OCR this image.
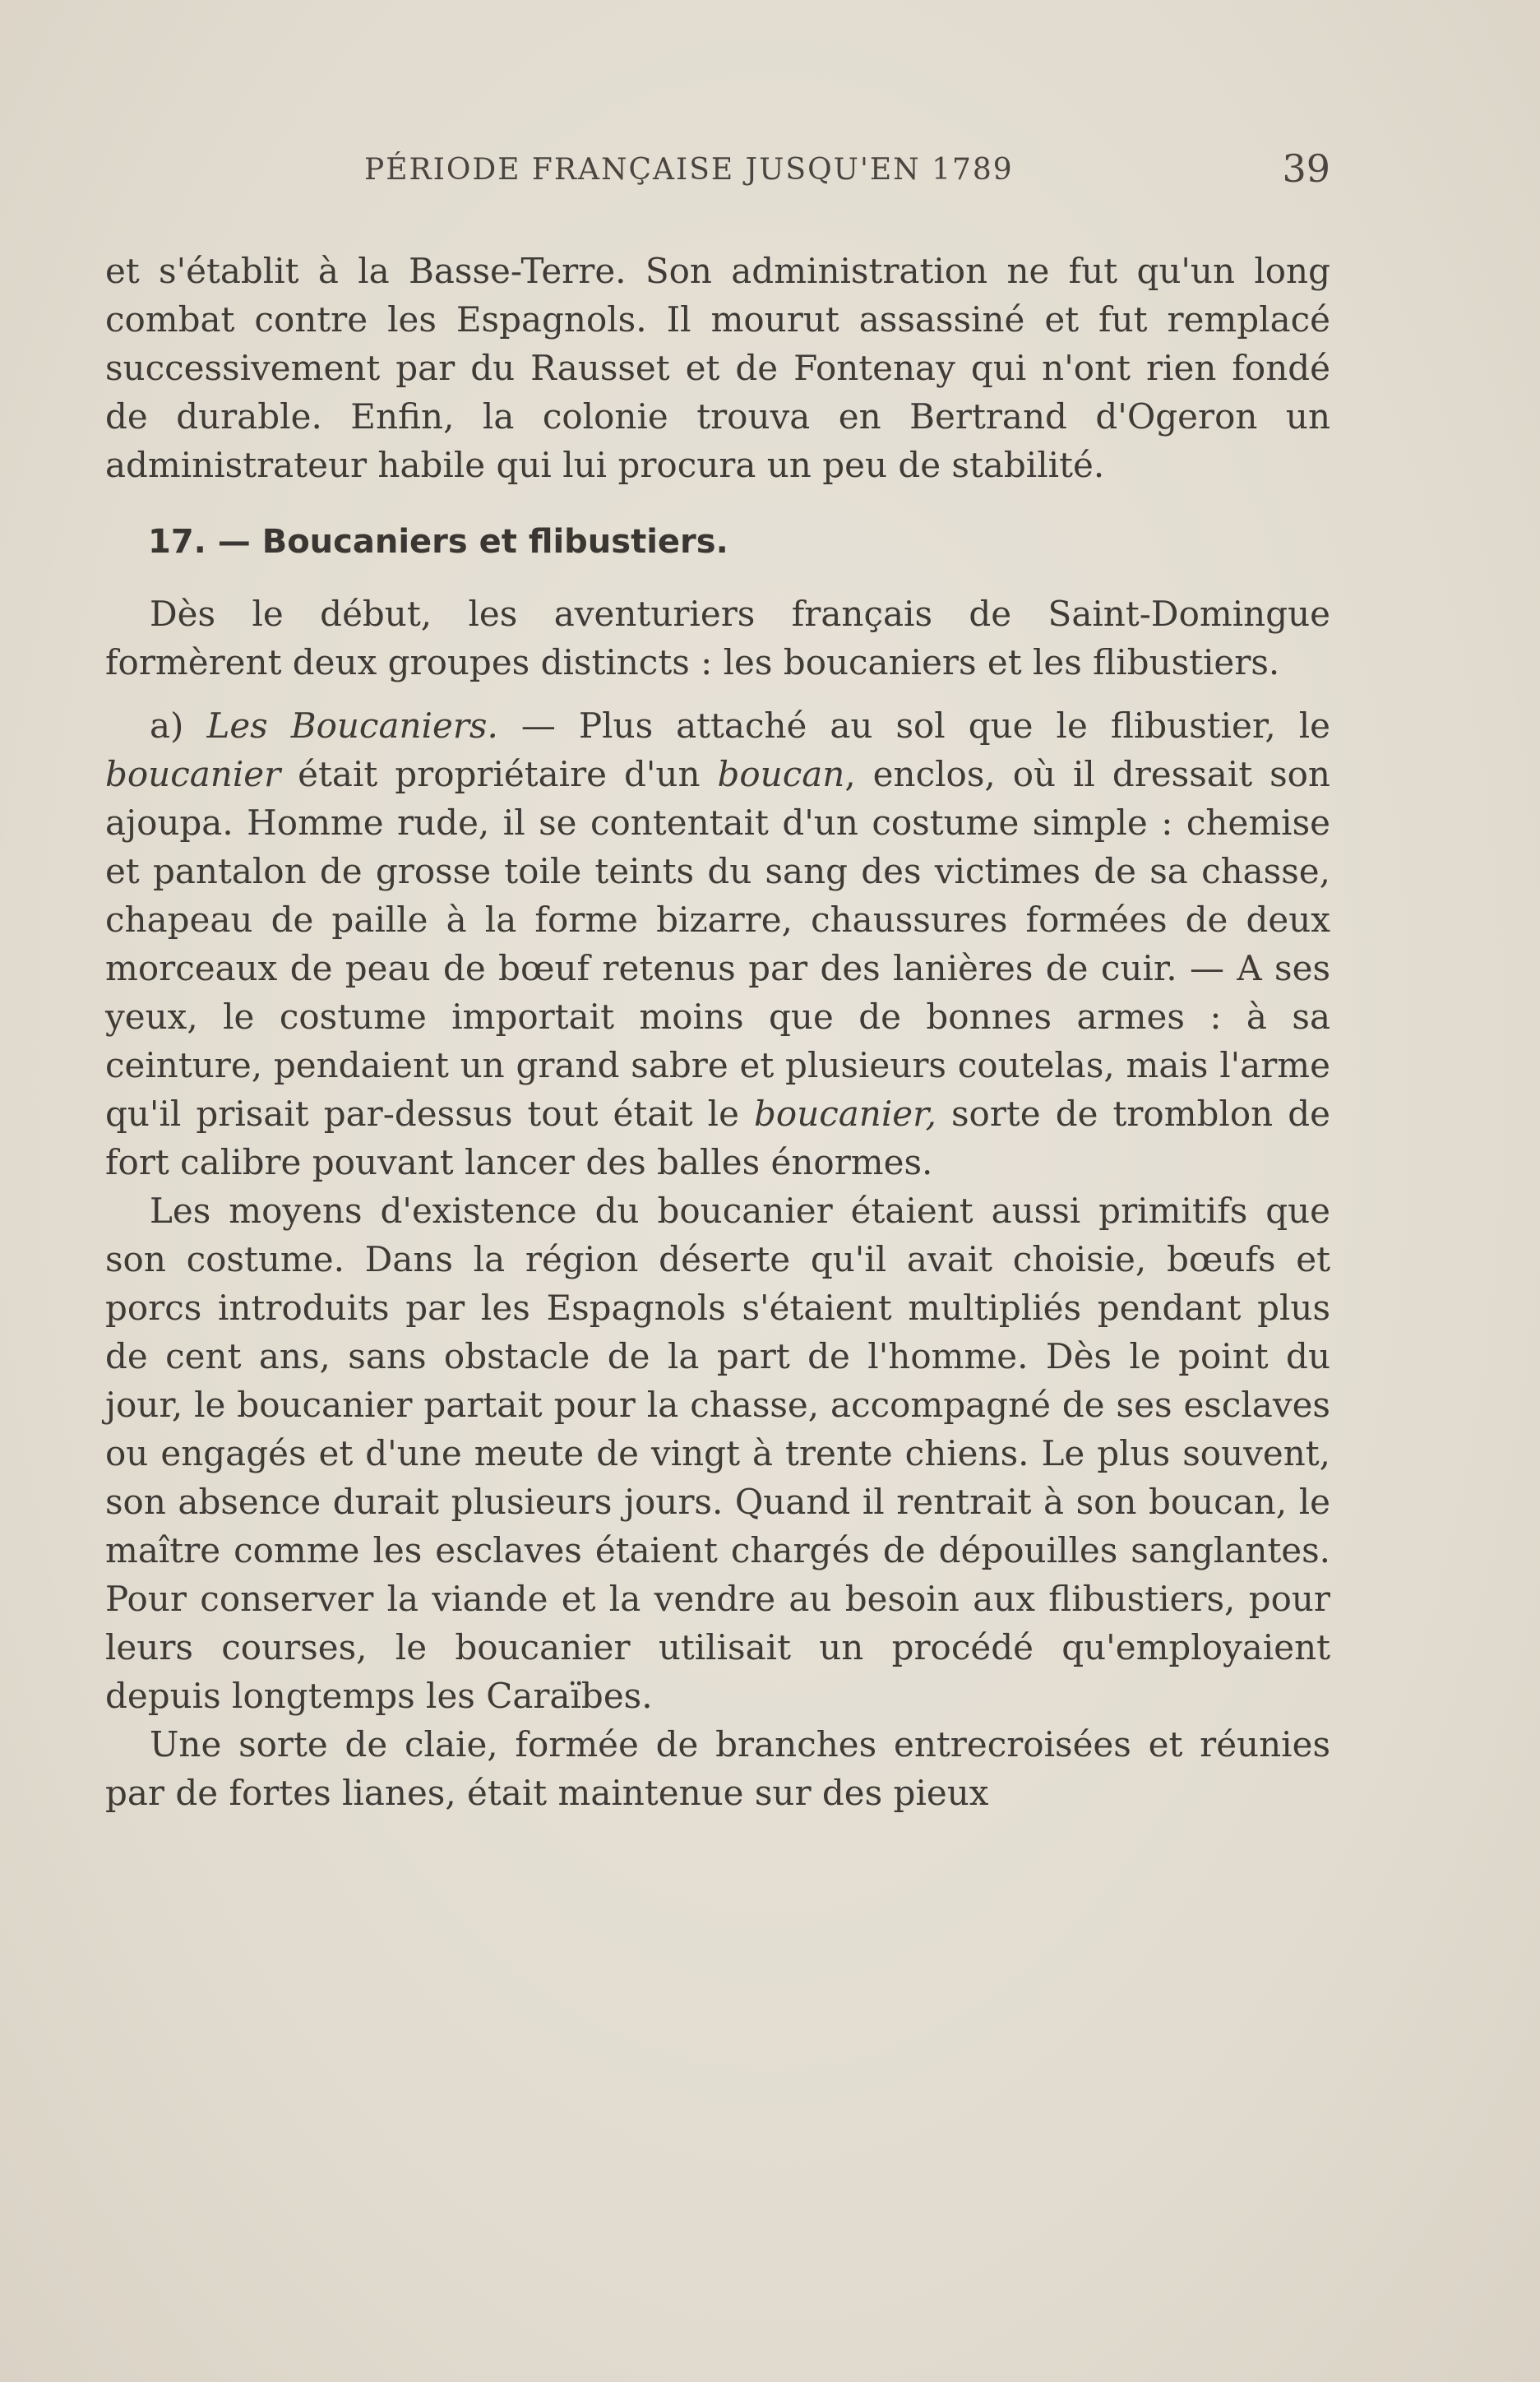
PÉRIODE FRANÇAISE JUSQU'EN 1789	39

et s'établit à la Basse-Terre. Son administration ne fut qu'un long combat contre les Espagnols. Il mourut assassiné et fut remplacé successivement par du Rausset et de Fontenay qui n'ont rien fondé de durable. Enfin, la colonie trouva en Bertrand d'Ogeron un administrateur habile qui lui procura un peu de stabilité.

17. — Boucaniers et flibustiers.

Dès le début, les aventuriers français de Saint-Domingue formèrent deux groupes distincts : les boucaniers et les flibustiers.

a) Les Boucaniers. — Plus attaché au sol que le flibustier, le boucanier était propriétaire d'un boucan, enclos, où il dressait son ajoupa. Homme rude, il se contentait d'un costume simple : chemise et pantalon de grosse toile teints du sang des victimes de sa chasse, chapeau de paille à la forme bizarre, chaussures formées de deux morceaux de peau de bœuf retenus par des lanières de cuir. — A ses yeux, le costume importait moins que de bonnes armes : à sa ceinture, pendaient un grand sabre et plusieurs coutelas, mais l'arme qu'il prisait par-dessus tout était le boucanier, sorte de tromblon de fort calibre pouvant lancer des balles énormes.

Les moyens d'existence du boucanier étaient aussi primitifs que son costume. Dans la région déserte qu'il avait choisie, bœufs et porcs introduits par les Espagnols s'étaient multipliés pendant plus de cent ans, sans obstacle de la part de l'homme. Dès le point du jour, le boucanier partait pour la chasse, accompagné de ses esclaves ou engagés et d'une meute de vingt à trente chiens. Le plus souvent, son absence durait plusieurs jours. Quand il rentrait à son boucan, le maître comme les esclaves étaient chargés de dépouilles sanglantes. Pour conserver la viande et la vendre au besoin aux flibustiers, pour leurs courses, le boucanier utilisait un procédé qu'employaient depuis longtemps les Caraïbes.

Une sorte de claie, formée de branches entrecroisées et réunies par de fortes lianes, était maintenue sur des pieux
